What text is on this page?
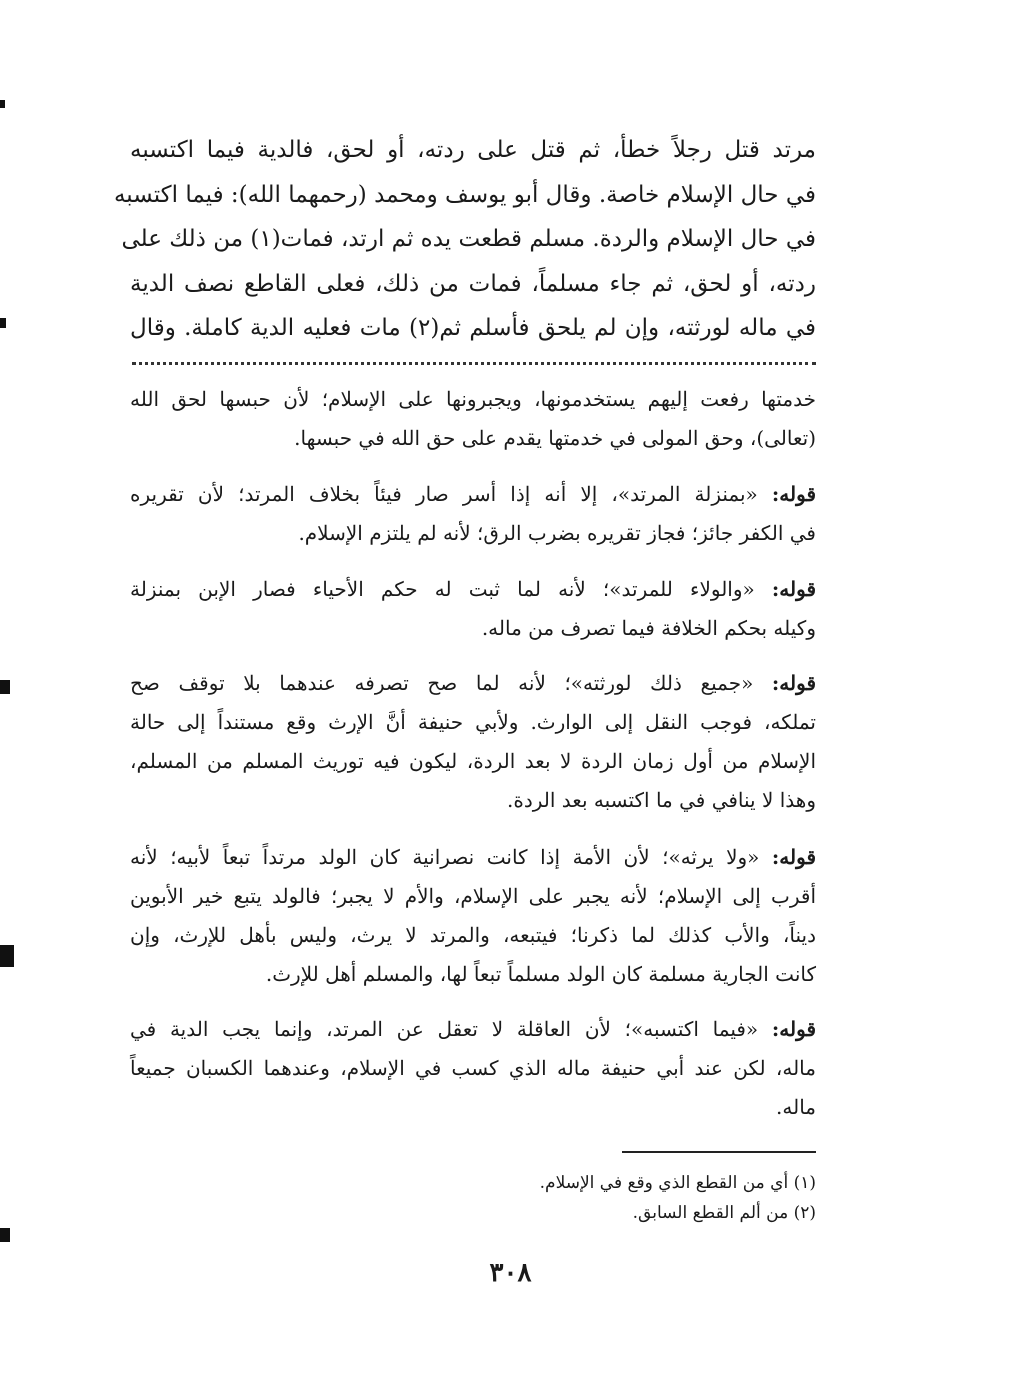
مرتد قتل رجلاً خطأ، ثم قتل على ردته، أو لحق، فالدية فيما اكتسبه
في حال الإسلام خاصة. وقال أبو يوسف ومحمد (رحمهما الله): فيما اكتسبه
في حال الإسلام والردة. مسلم قطعت يده ثم ارتد، فمات(١) من ذلك على
ردته، أو لحق، ثم جاء مسلماً، فمات من ذلك، فعلى القاطع نصف الدية
في ماله لورثته، وإن لم يلحق فأسلم ثم(٢) مات فعليه الدية كاملة. وقال
خدمتها رفعت إليهم يستخدمونها، ويجبرونها على الإسلام؛ لأن حبسها لحق الله
(تعالى)، وحق المولى في خدمتها يقدم على حق الله في حبسها.
قوله: «بمنزلة المرتد»، إلا أنه إذا أسر صار فيئاً بخلاف المرتد؛ لأن تقريره
في الكفر جائز؛ فجاز تقريره بضرب الرق؛ لأنه لم يلتزم الإسلام.
قوله: «والولاء للمرتد»؛ لأنه لما ثبت له حكم الأحياء فصار الإبن بمنزلة
وكيله بحكم الخلافة فيما تصرف من ماله.
قوله: «جميع ذلك لورثته»؛ لأنه لما صح تصرفه عندهما بلا توقف صح
تملكه، فوجب النقل إلى الوارث. ولأبي حنيفة أنَّ الإرث وقع مستنداً إلى حالة
الإسلام من أول زمان الردة لا بعد الردة، ليكون فيه توريث المسلم من المسلم،
وهذا لا ينافي في ما اكتسبه بعد الردة.
قوله: «ولا يرثه»؛ لأن الأمة إذا كانت نصرانية كان الولد مرتداً تبعاً لأبيه؛ لأنه
أقرب إلى الإسلام؛ لأنه يجبر على الإسلام، والأم لا يجبر؛ فالولد يتبع خير الأبوين
ديناً، والأب كذلك لما ذكرنا؛ فيتبعه، والمرتد لا يرث، وليس بأهل للإرث، وإن
كانت الجارية مسلمة كان الولد مسلماً تبعاً لها، والمسلم أهل للإرث.
قوله: «فيما اكتسبه»؛ لأن العاقلة لا تعقل عن المرتد، وإنما يجب الدية في
ماله، لكن عند أبي حنيفة ماله الذي كسب في الإسلام، وعندهما الكسبان جميعاً
ماله.
(١) أي من القطع الذي وقع في الإسلام.
(٢) من ألم القطع السابق.
٣٠٨
